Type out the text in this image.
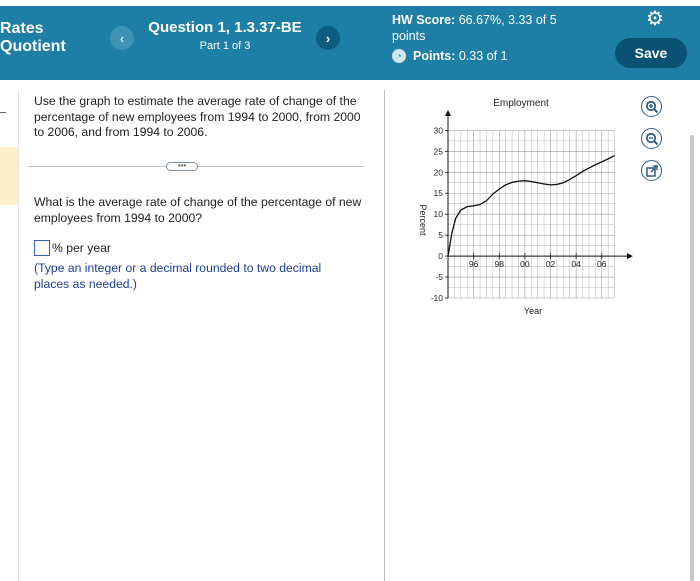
Rates
Quotient	‹
Question 1, 1.3.37-BE
Part 1 of 3
›
HW Score: 66.67%, 3.33 of 5
points
◔ Points:
0.33 of 1
⚙
Save
Use the graph to estimate the average rate of change of the percentage of new employees from 1994 to 2000, from 2000 to 2006, and from 1994 to 2006.
•••
What is the average rate of change of the percentage of new employees from 1994 to 2000?
% per year
(Type an integer or a decimal rounded to two decimal places as needed.)
Employment
Percent
Year
30
25
20
15
10
5
0
-5
-10
96 98 00 02 04 06
